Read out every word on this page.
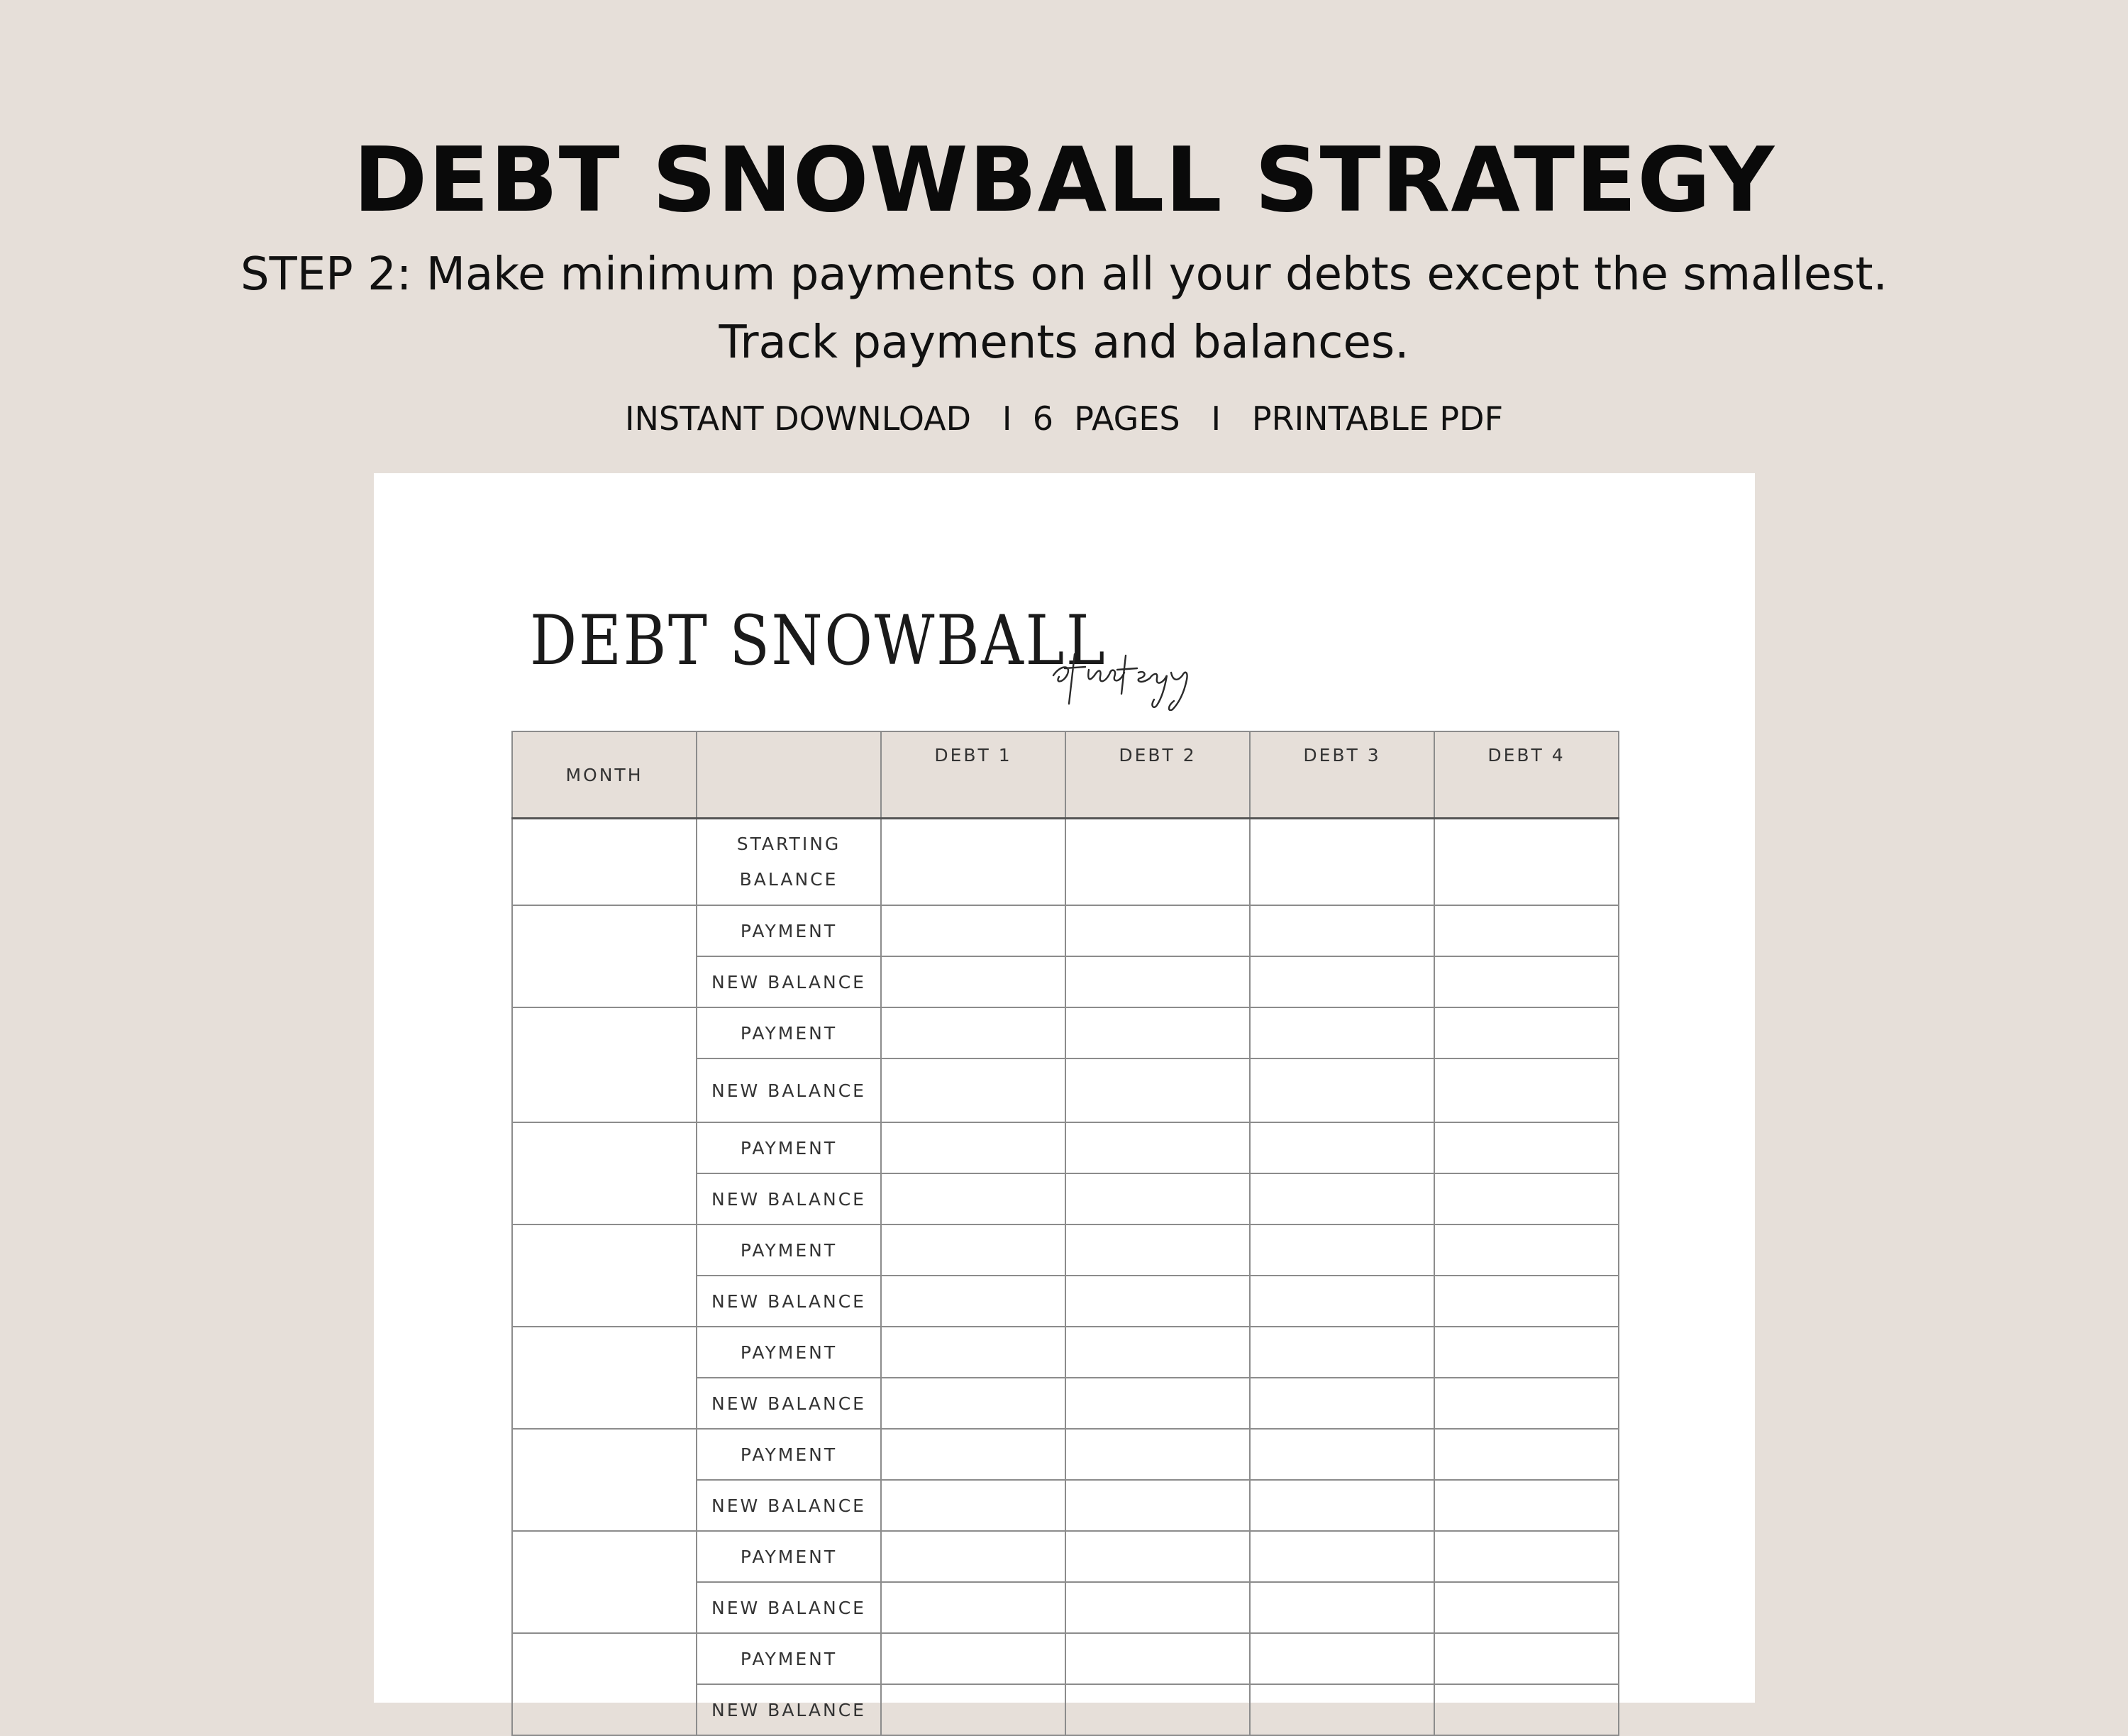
DEBT SNOWBALL STRATEGY
STEP 2: Make minimum payments on all your debts except the smallest.
Track payments and balances.
INSTANT DOWNLOAD   I  6  PAGES   I   PRINTABLE PDF
DEBT SNOWBALL
MONTH		DEBT 1	DEBT 2	DEBT 3	DEBT 4
	STARTING BALANCE				
	PAYMENT				
	NEW BALANCE				
	PAYMENT				
	NEW BALANCE				
	PAYMENT				
	NEW BALANCE				
	PAYMENT				
	NEW BALANCE				
	PAYMENT				
	NEW BALANCE				
	PAYMENT				
	NEW BALANCE				
	PAYMENT				
	NEW BALANCE				
	PAYMENT				
	NEW BALANCE				
